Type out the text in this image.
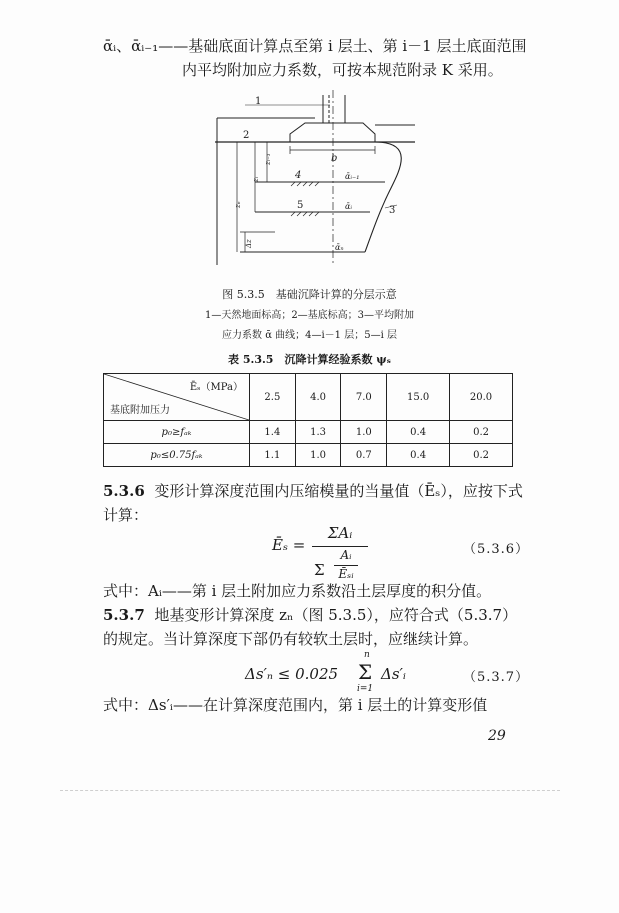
ᾱᵢ、ᾱᵢ₋₁——基础底面计算点至第 i 层土、第 i－1 层土底面范围
内平均附加应力系数，可按本规范附录 K 采用。
1
2
3
4
5
b
ᾱᵢ₋₁
ᾱᵢ
ᾱₙ
zᵢ₋₁
zᵢ
zₙ
Δz
图 5.3.5　基础沉降计算的分层示意
1—天然地面标高；2—基底标高；3—平均附加
应力系数 ᾱ 曲线；4—i－1 层；5—i 层
表 5.3.5　沉降计算经验系数 ψₛ
Ēₛ（MPa）
基底附加压力	2.5	4.0	7.0	15.0	20.0
p₀≥fₐₖ	1.4	1.3	1.0	0.4	0.2
p₀≤0.75fₐₖ	1.1	1.0	0.7	0.4	0.2
5.3.6 变形计算深度范围内压缩模量的当量值（Ēₛ），应按下式
计算：
Ēₛ =
ΣAᵢ
Σ
Aᵢ
Ēₛᵢ
（5.3.6）
式中：Aᵢ——第 i 层土附加应力系数沿土层厚度的积分值。
5.3.7 地基变形计算深度 zₙ（图 5.3.5），应符合式（5.3.7）
的规定。当计算深度下部仍有较软土层时，应继续计算。
Δs′ₙ ≤ 0.025
n
Σ
i=1
Δs′ᵢ	（5.3.7）
式中：Δs′ᵢ——在计算深度范围内，第 i 层土的计算变形值
29
